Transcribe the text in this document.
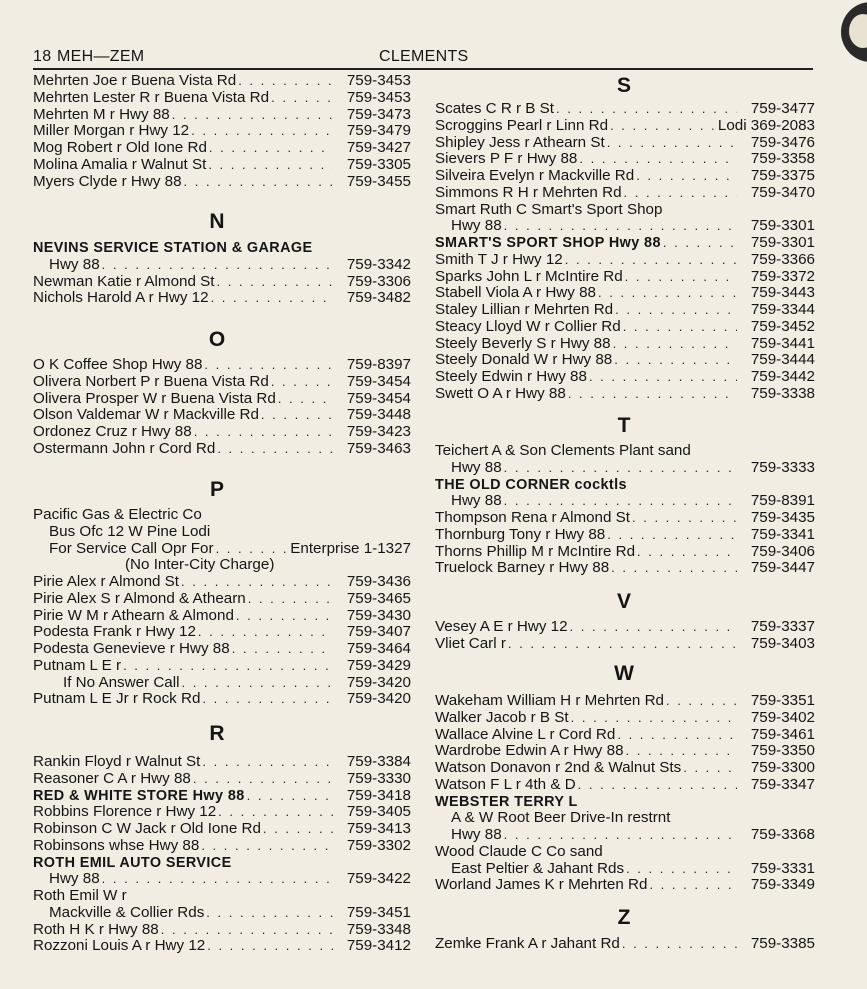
18 MEH—ZEM	CLEMENTS
Mehrten Joe r Buena Vista Rd . . .	759-3453
Mehrten Lester R r Buena Vista Rd . . .	759-3453
Mehrten M r Hwy 88 . . .	759-3473
Miller Morgan r Hwy 12 . . .	759-3479
Mog Robert r Old Ione Rd . . .	759-3427
Molina Amalia r Walnut St . . .	759-3305
Myers Clyde r Hwy 88 . . .	759-3455
N
NEVINS SERVICE STATION & GARAGE
Hwy 88 . . .	759-3342
Newman Katie r Almond St . . .	759-3306
Nichols Harold A r Hwy 12 . . .	759-3482
O
O K Coffee Shop Hwy 88 . . .	759-8397
Olivera Norbert P r Buena Vista Rd . . .	759-3454
Olivera Prosper W r Buena Vista Rd . . .	759-3454
Olson Valdemar W r Mackville Rd . . .	759-3448
Ordonez Cruz r Hwy 88 . . .	759-3423
Ostermann John r Cord Rd . . .	759-3463
P
Pacific Gas & Electric Co
Bus Ofc 12 W Pine Lodi
For Service Call Opr For . . .	Enterprise 1-1327
(No Inter-City Charge)
Pirie Alex r Almond St . . .	759-3436
Pirie Alex S r Almond & Athearn . . .	759-3465
Pirie W M r Athearn & Almond . . .	759-3430
Podesta Frank r Hwy 12 . . .	759-3407
Podesta Genevieve r Hwy 88 . . .	759-3464
Putnam L E r . . .	759-3429
If No Answer Call . . .	759-3420
Putnam L E Jr r Rock Rd . . .	759-3420
R
Rankin Floyd r Walnut St . . .	759-3384
Reasoner C A r Hwy 88 . . .	759-3330
RED & WHITE STORE Hwy 88 . . .	759-3418
Robbins Florence r Hwy 12 . . .	759-3405
Robinson C W Jack r Old Ione Rd . . .	759-3413
Robinsons whse Hwy 88 . . .	759-3302
ROTH EMIL AUTO SERVICE
Hwy 88 . . .	759-3422
Roth Emil W r
Mackville & Collier Rds . . .	759-3451
Roth H K r Hwy 88 . . .	759-3348
Rozzoni Louis A r Hwy 12 . . .	759-3412
S
Scates C R r B St . . .	759-3477
Scroggins Pearl r Linn Rd . . .	Lodi 369-2083
Shipley Jess r Athearn St . . .	759-3476
Sievers P F r Hwy 88 . . .	759-3358
Silveira Evelyn r Mackville Rd . . .	759-3375
Simmons R H r Mehrten Rd . . .	759-3470
Smart Ruth C Smart's Sport Shop
Hwy 88 . . .	759-3301
SMART'S SPORT SHOP Hwy 88 . . .	759-3301
Smith T J r Hwy 12 . . .	759-3366
Sparks John L r McIntire Rd . . .	759-3372
Stabell Viola A r Hwy 88 . . .	759-3443
Staley Lillian r Mehrten Rd . . .	759-3344
Steacy Lloyd W r Collier Rd . . .	759-3452
Steely Beverly S r Hwy 88 . . .	759-3441
Steely Donald W r Hwy 88 . . .	759-3444
Steely Edwin r Hwy 88 . . .	759-3442
Swett O A r Hwy 88 . . .	759-3338
T
Teichert A & Son Clements Plant sand
Hwy 88 . . .	759-3333
THE OLD CORNER cocktls
Hwy 88 . . .	759-8391
Thompson Rena r Almond St . . .	759-3435
Thornburg Tony r Hwy 88 . . .	759-3341
Thorns Phillip M r McIntire Rd . . .	759-3406
Truelock Barney r Hwy 88 . . .	759-3447
V
Vesey A E r Hwy 12 . . .	759-3337
Vliet Carl r . . .	759-3403
W
Wakeham William H r Mehrten Rd . . .	759-3351
Walker Jacob r B St . . .	759-3402
Wallace Alvine L r Cord Rd . . .	759-3461
Wardrobe Edwin A r Hwy 88 . . .	759-3350
Watson Donavon r 2nd & Walnut Sts . . .	759-3300
Watson F L r 4th & D . . .	759-3347
WEBSTER TERRY L
A & W Root Beer Drive-In restrnt
Hwy 88 . . .	759-3368
Wood Claude C Co sand
East Peltier & Jahant Rds . . .	759-3331
Worland James K r Mehrten Rd . . .	759-3349
Z
Zemke Frank A r Jahant Rd . . .	759-3385
